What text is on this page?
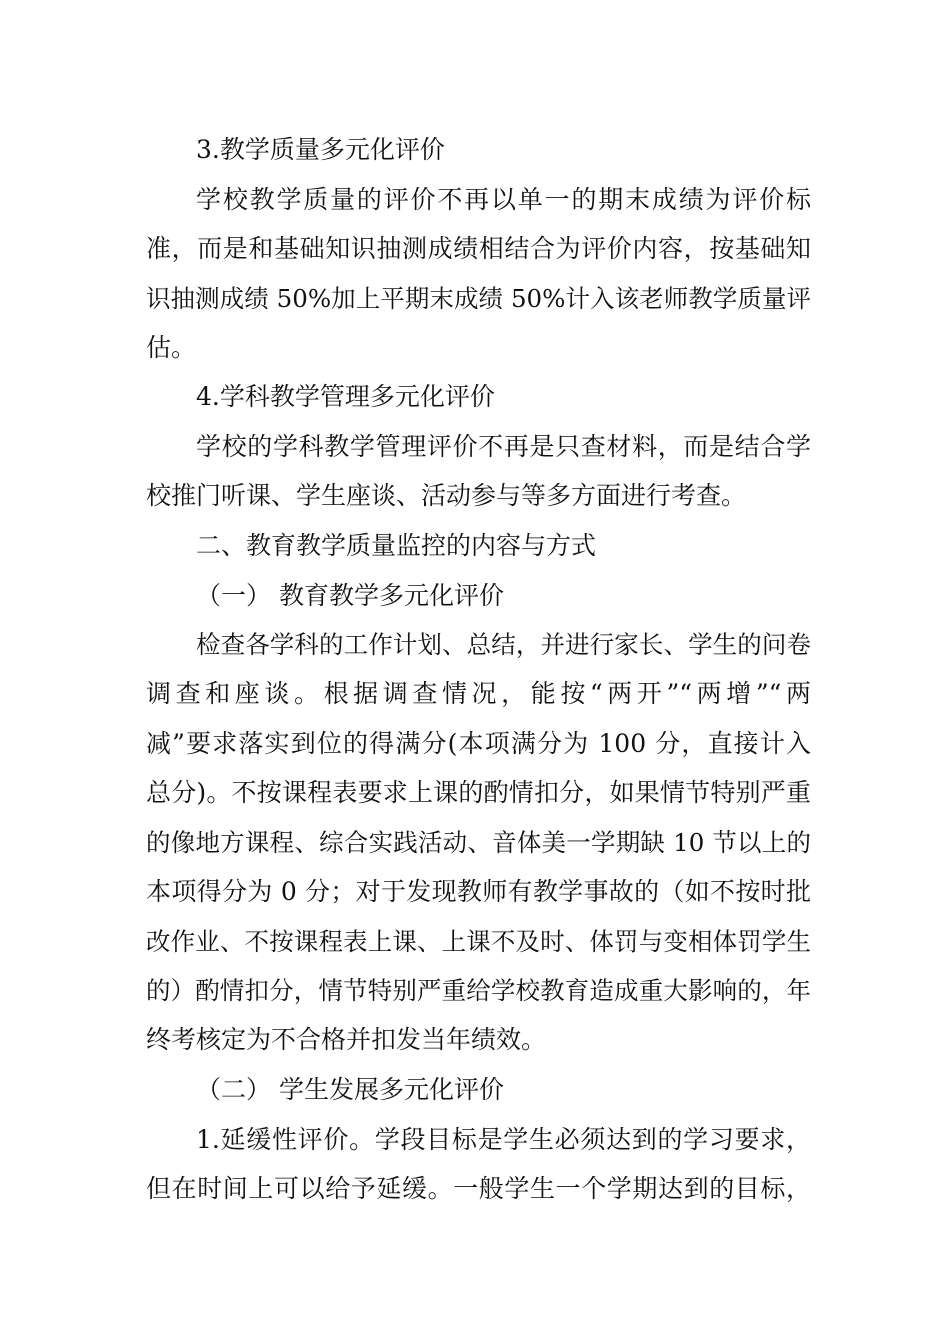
3.教学质量多元化评价
学校教学质量的评价不再以单一的期末成绩为评价标
准，而是和基础知识抽测成绩相结合为评价内容，按基础知
识抽测成绩 50%加上平期末成绩 50%计入该老师教学质量评
估。
4.学科教学管理多元化评价
学校的学科教学管理评价不再是只查材料，而是结合学
校推门听课、学生座谈、活动参与等多方面进行考查。
二、教育教学质量监控的内容与方式
（一） 教育教学多元化评价
检查各学科的工作计划、总结，并进行家长、学生的问卷
调查和座谈。根据调查情况，能按“两开”“两增”“两
减”要求落实到位的得满分(本项满分为 100 分，直接计入
总分)。不按课程表要求上课的酌情扣分，如果情节特别严重
的像地方课程、综合实践活动、音体美一学期缺 10 节以上的
本项得分为 0 分；对于发现教师有教学事故的（如不按时批
改作业、不按课程表上课、上课不及时、体罚与变相体罚学生
的）酌情扣分，情节特别严重给学校教育造成重大影响的，年
终考核定为不合格并扣发当年绩效。
（二） 学生发展多元化评价
1.延缓性评价。学段目标是学生必须达到的学习要求，
但在时间上可以给予延缓。一般学生一个学期达到的目标，
